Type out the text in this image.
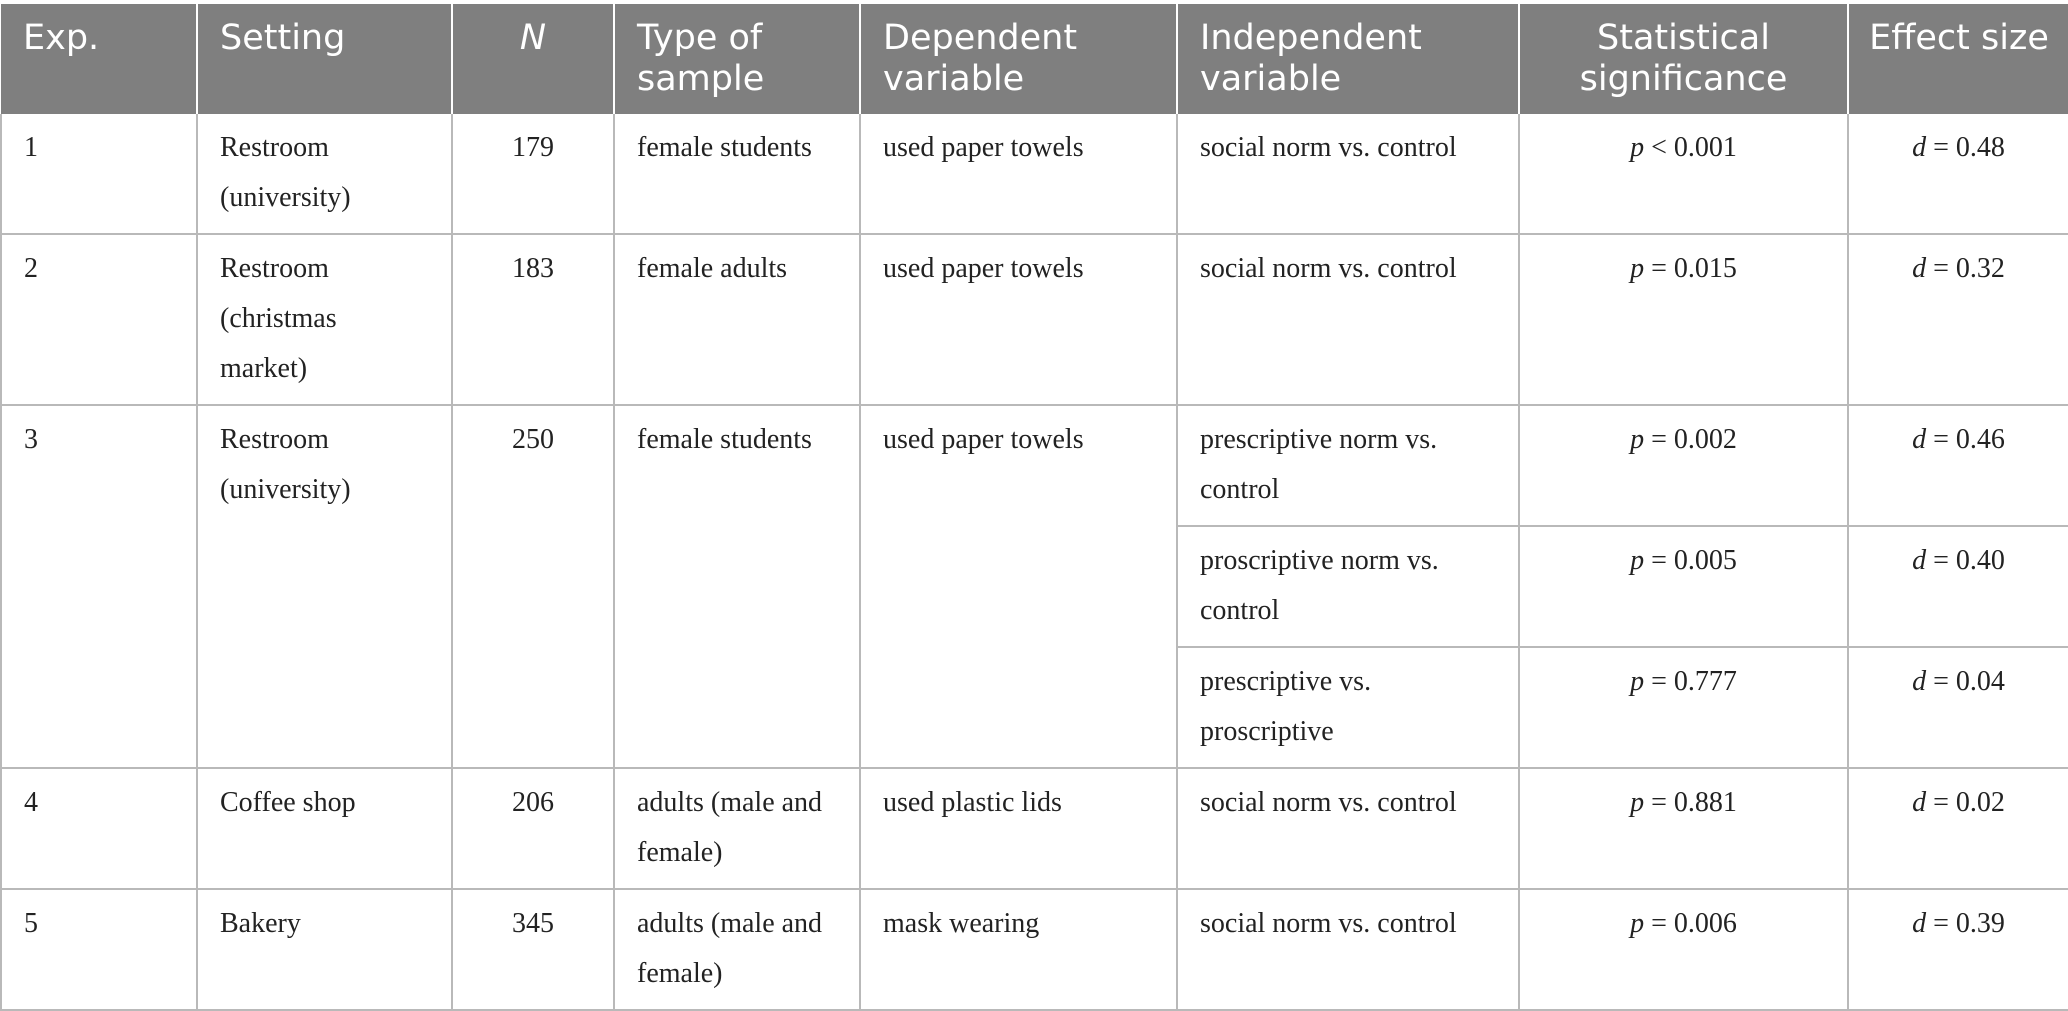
Exp.	Setting	N	Type of sample	Dependent variable	Independent variable	Statistical significance	Effect size
1	Restroom (university)	179	female students	used paper towels	social norm vs. control	p < 0.001	d = 0.48
2	Restroom (christmas market)	183	female adults	used paper towels	social norm vs. control	p = 0.015	d = 0.32
3	Restroom (university)	250	female students	used paper towels	prescriptive norm vs. control	p = 0.002	d = 0.46
					proscriptive norm vs. control	p = 0.005	d = 0.40
					prescriptive vs. proscriptive	p = 0.777	d = 0.04
4	Coffee shop	206	adults (male and female)	used plastic lids	social norm vs. control	p = 0.881	d = 0.02
5	Bakery	345	adults (male and female)	mask wearing	social norm vs. control	p = 0.006	d = 0.39
